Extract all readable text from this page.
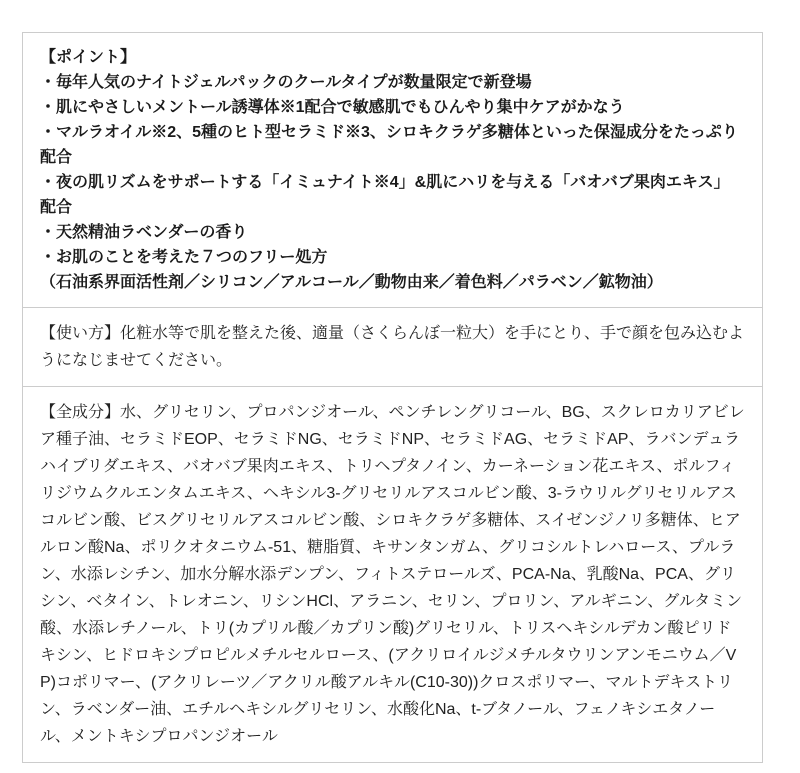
【ポイント】

・毎年人気のナイトジェルパックのクールタイプが数量限定で新登場

・肌にやさしいメントール誘導体※1配合で敏感肌でもひんやり集中ケアがかなう

・マルラオイル※2、5種のヒト型セラミド※3、シロキクラゲ多糖体といった保湿成分をたっぷり配合

・夜の肌リズムをサポートする「イミュナイト※4」&肌にハリを与える「バオバブ果肉エキス」配合

・天然精油ラベンダーの香り

・お肌のことを考えた７つのフリー処方

（石油系界面活性剤／シリコン／アルコール／動物由来／着色料／パラベン／鉱物油）

【使い方】化粧水等で肌を整えた後、適量（さくらんぼ一粒大）を手にとり、手で顔を包み込むようになじませてください。

【全成分】水、グリセリン、プロパンジオール、ペンチレングリコール、BG、スクレロカリアビレア種子油、セラミドEOP、セラミドNG、セラミドNP、セラミドAG、セラミドAP、ラバンデュラハイブリダエキス、バオバブ果肉エキス、トリヘプタノイン、カーネーション花エキス、ポルフィリジウムクルエンタムエキス、ヘキシル3-グリセリルアスコルビン酸、3-ラウリルグリセリルアスコルビン酸、ビスグリセリルアスコルビン酸、シロキクラゲ多糖体、スイゼンジノリ多糖体、ヒアルロン酸Na、ポリクオタニウム-51、糖脂質、キサンタンガム、グリコシルトレハロース、プルラン、水添レシチン、加水分解水添デンプン、フィトステロールズ、PCA-Na、乳酸Na、PCA、グリシン、ベタイン、トレオニン、リシンHCl、アラニン、セリン、プロリン、アルギニン、グルタミン酸、水添レチノール、トリ(カプリル酸／カプリン酸)グリセリル、トリスヘキシルデカン酸ピリドキシン、ヒドロキシプロピルメチルセルロース、(アクリロイルジメチルタウリンアンモニウム／VP)コポリマー、(アクリレーツ／アクリル酸アルキル(C10-30))クロスポリマー、マルトデキストリン、ラベンダー油、エチルヘキシルグリセリン、水酸化Na、t-ブタノール、フェノキシエタノール、メントキシプロパンジオール
